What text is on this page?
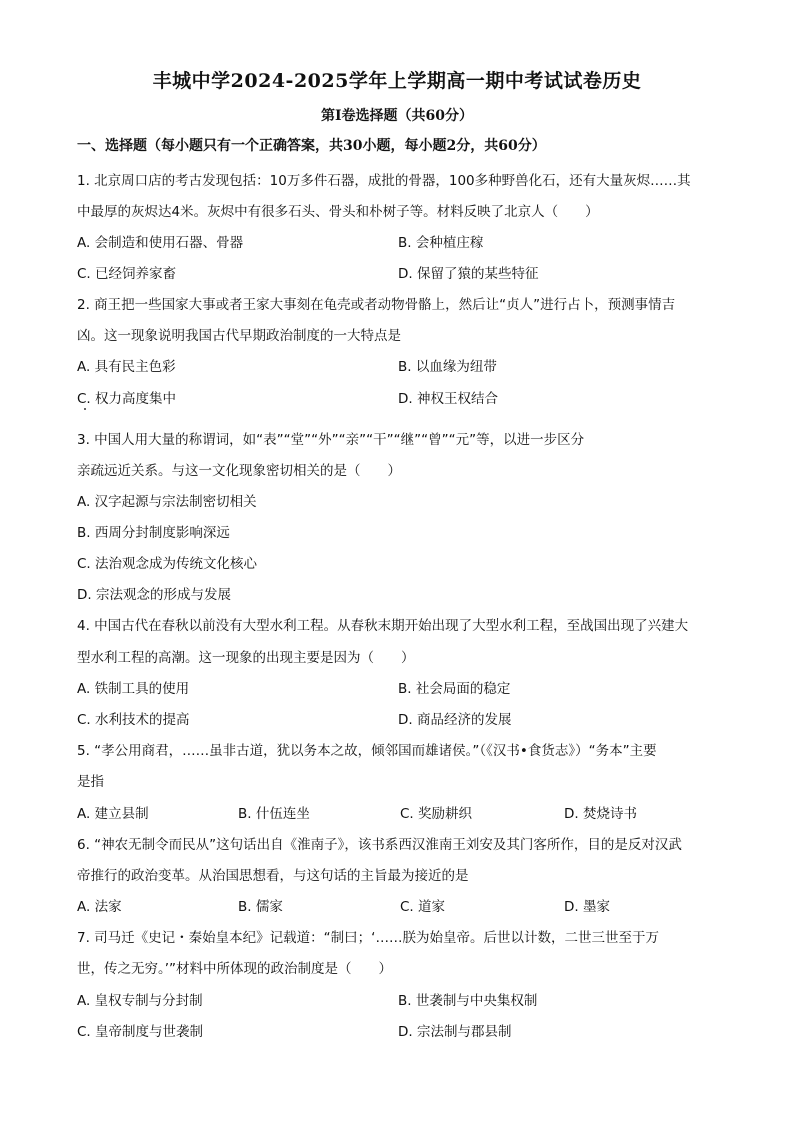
丰城中学2024-2025学年上学期高一期中考试试卷历史
第Ⅰ卷选择题（共60分）
一、选择题（每小题只有一个正确答案，共30小题，每小题2分，共60分）
1. 北京周口店的考古发现包括：10万多件石器，成批的骨器，100多种野兽化石，还有大量灰烬……其
中最厚的灰烬达4米。灰烬中有很多石头、骨头和朴树子等。材料反映了北京人（　　）
A. 会制造和使用石器、骨器	B. 会种植庄稼
C. 已经饲养家畜	D. 保留了猿的某些特征
2. 商王把一些国家大事或者王家大事刻在龟壳或者动物骨骼上，然后让“贞人”进行占卜，预测事情吉
凶。这一现象说明我国古代早期政治制度的一大特点是
A. 具有民主色彩	B. 以血缘为纽带
C. 权力高度集中	D. 神权王权结合
3. 中国人用大量的称谓词，如“表”“堂”“外”“亲”“干”“继”“曾”“元”等，以进一步区分
亲疏远近关系。与这一文化现象密切相关的是（　　）
A. 汉字起源与宗法制密切相关
B. 西周分封制度影响深远
C. 法治观念成为传统文化核心
D. 宗法观念的形成与发展
4. 中国古代在春秋以前没有大型水利工程。从春秋末期开始出现了大型水利工程，至战国出现了兴建大
型水利工程的高潮。这一现象的出现主要是因为（　　）
A. 铁制工具的使用	B. 社会局面的稳定
C. 水利技术的提高	D. 商品经济的发展
5. “孝公用商君，……虽非古道，犹以务本之故，倾邻国而雄诸侯。”（《汉书•食货志》）“务本”主要
是指
A. 建立县制	B. 什伍连坐	C. 奖励耕织	D. 焚烧诗书
6. “神农无制令而民从”这句话出自《淮南子》，该书系西汉淮南王刘安及其门客所作，目的是反对汉武
帝推行的政治变革。从治国思想看，与这句话的主旨最为接近的是
A. 法家	B. 儒家	C. 道家	D. 墨家
7. 司马迁《史记・秦始皇本纪》记载道：“制曰；‘……朕为始皇帝。后世以计数，二世三世至于万
世，传之无穷。’”材料中所体现的政治制度是（　　）
A. 皇权专制与分封制	B. 世袭制与中央集权制
C. 皇帝制度与世袭制	D. 宗法制与郡县制
